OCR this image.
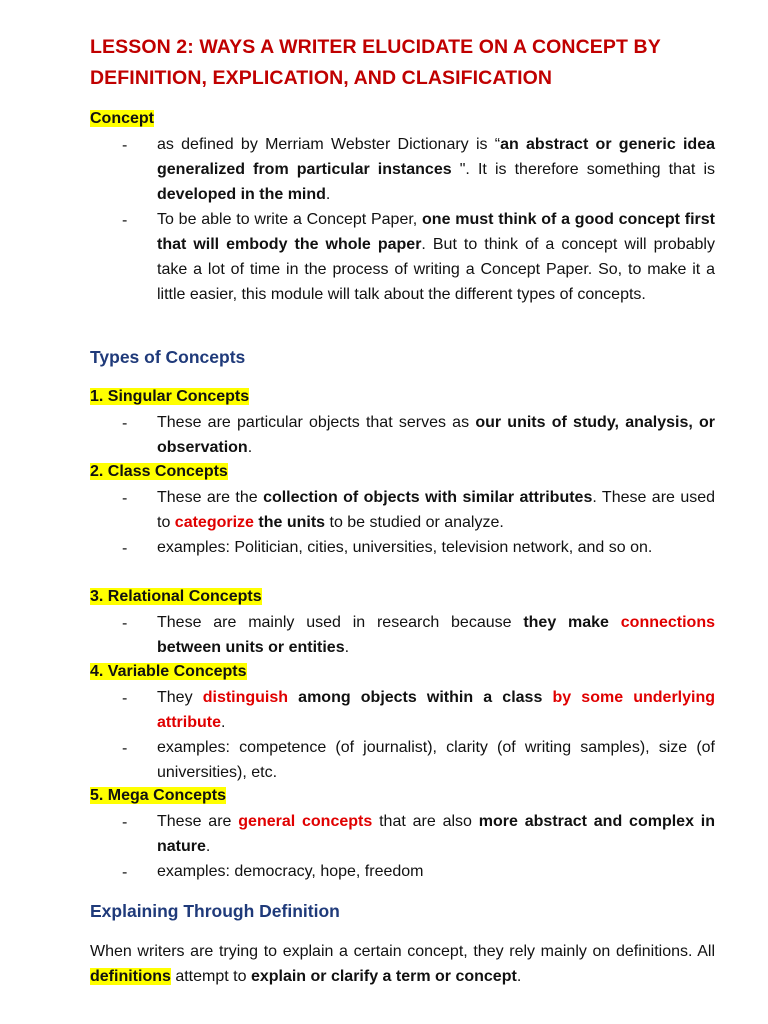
LESSON 2: WAYS A WRITER ELUCIDATE ON A CONCEPT BY DEFINITION, EXPLICATION, AND CLASIFICATION
Concept
- as defined by Merriam Webster Dictionary is “an abstract or generic idea generalized from particular instances ". It is therefore something that is developed in the mind.
- To be able to write a Concept Paper, one must think of a good concept first that will embody the whole paper. But to think of a concept will probably take a lot of time in the process of writing a Concept Paper. So, to make it a little easier, this module will talk about the different types of concepts.
Types of Concepts
1. Singular Concepts
- These are particular objects that serves as our units of study, analysis, or observation.
2. Class Concepts
- These are the collection of objects with similar attributes. These are used to categorize the units to be studied or analyze.
- examples: Politician, cities, universities, television network, and so on.
3. Relational Concepts
- These are mainly used in research because they make connections between units or entities.
4. Variable Concepts
- They distinguish among objects within a class by some underlying attribute.
- examples: competence (of journalist), clarity (of writing samples), size (of universities), etc.
5. Mega Concepts
- These are general concepts that are also more abstract and complex in nature.
- examples: democracy, hope, freedom
Explaining Through Definition
When writers are trying to explain a certain concept, they rely mainly on definitions. All definitions attempt to explain or clarify a term or concept.
